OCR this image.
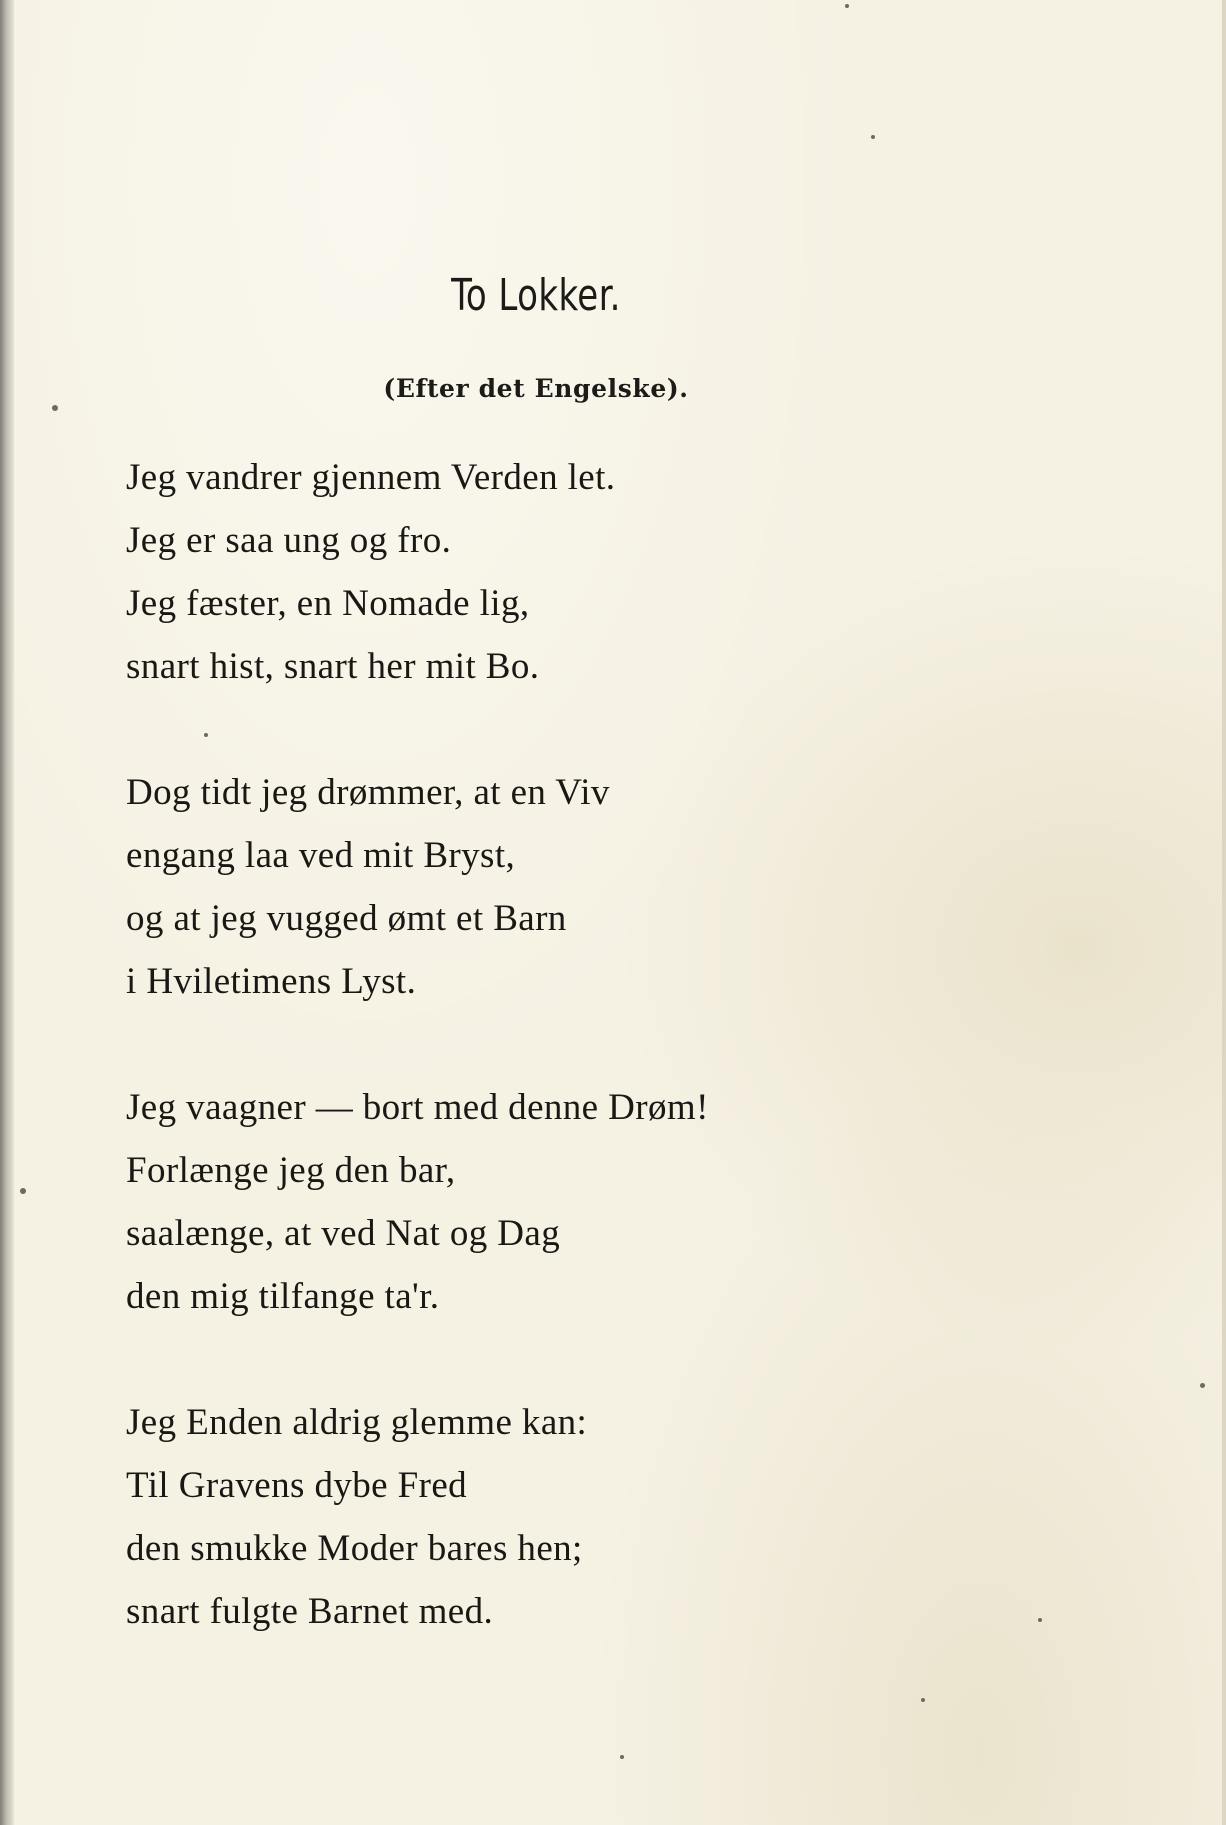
To Lokker.
(Efter det Engelske).
Jeg vandrer gjennem Verden let.
Jeg er saa ung og fro.
Jeg fæster, en Nomade lig,
snart hist, snart her mit Bo.
Dog tidt jeg drømmer, at en Viv
engang laa ved mit Bryst,
og at jeg vugged ømt et Barn
i Hviletimens Lyst.
Jeg vaagner — bort med denne Drøm!
Forlænge jeg den bar,
saalænge, at ved Nat og Dag
den mig tilfange ta'r.
Jeg Enden aldrig glemme kan:
Til Gravens dybe Fred
den smukke Moder bares hen;
snart fulgte Barnet med.
